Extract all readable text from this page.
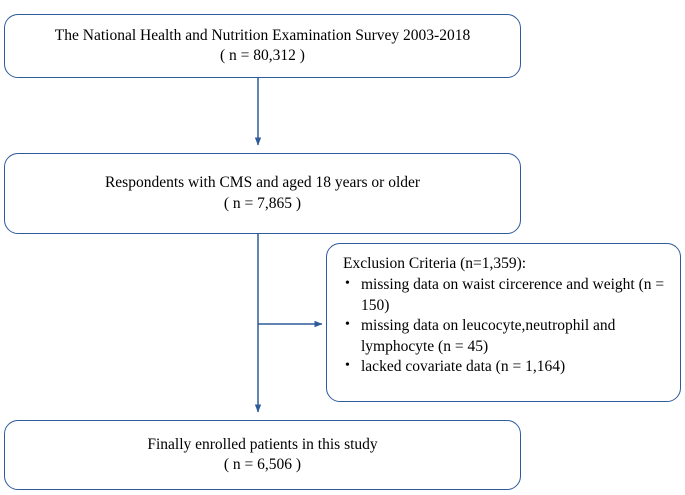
The National Health and Nutrition Examination Survey 2003-2018
( n = 80,312 )
Respondents with CMS and aged 18 years or older
( n = 7,865 )
Exclusion Criteria (n=1,359):
• missing data on waist circerence and weight (n = 150)
• missing data on leucocyte,neutrophil and lymphocyte (n = 45)
• lacked covariate data (n = 1,164)
Finally enrolled patients in this study
( n = 6,506 )
